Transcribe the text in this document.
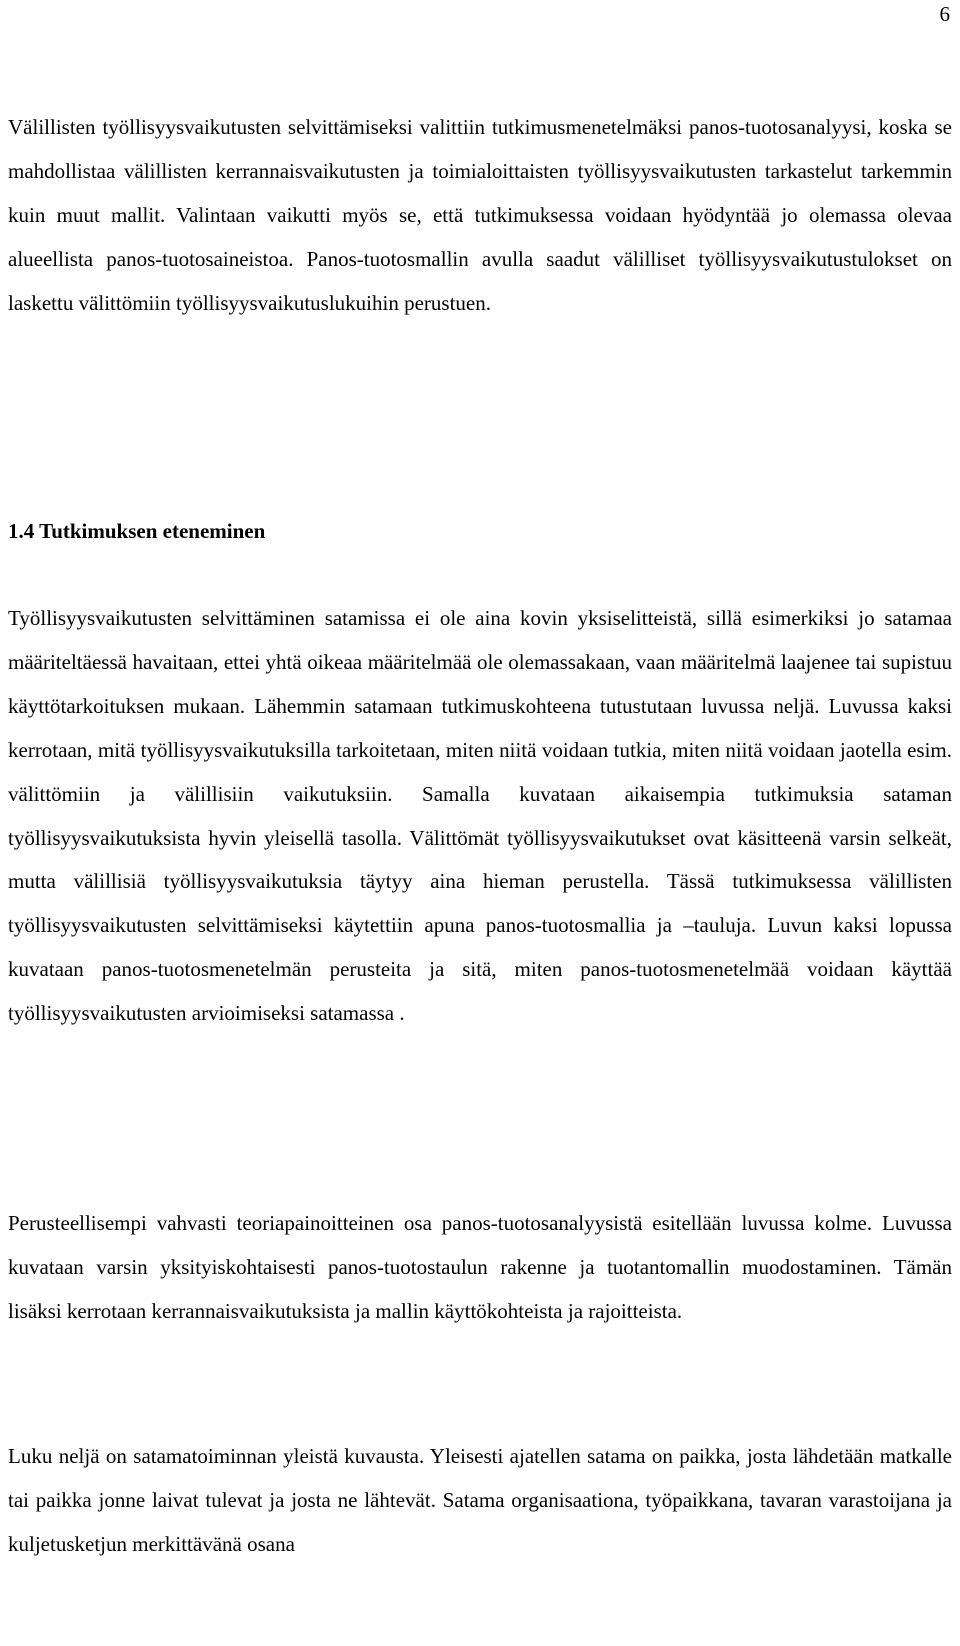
6

Välillisten työllisyysvaikutusten selvittämiseksi valittiin tutkimusmenetelmäksi panos-tuotosanalyysi, koska se mahdollistaa välillisten kerrannaisvaikutusten ja toimialoittaisten työllisyysvaikutusten tarkastelut tarkemmin kuin muut mallit. Valintaan vaikutti myös se, että tutkimuksessa voidaan hyödyntää jo olemassa olevaa alueellista panos-tuotosaineistoa. Panos-tuotosmallin avulla saadut välilliset työllisyysvaikutustulokset on laskettu välittömiin työllisyysvaikutuslukuihin perustuen.

1.4 Tutkimuksen eteneminen

Työllisyysvaikutusten selvittäminen satamissa ei ole aina kovin yksiselitteistä, sillä esimerkiksi jo satamaa määriteltäessä havaitaan, ettei yhtä oikeaa määritelmää ole olemassakaan, vaan määritelmä laajenee tai supistuu käyttötarkoituksen mukaan. Lähemmin satamaan tutkimuskohteena tutustutaan luvussa neljä. Luvussa kaksi kerrotaan, mitä työllisyysvaikutuksilla tarkoitetaan, miten niitä voidaan tutkia, miten niitä voidaan jaotella esim. välittömiin ja välillisiin vaikutuksiin. Samalla kuvataan aikaisempia tutkimuksia sataman työllisyysvaikutuksista hyvin yleisellä tasolla. Välittömät työllisyysvaikutukset ovat käsitteenä varsin selkeät, mutta välillisiä työllisyysvaikutuksia täytyy aina hieman perustella. Tässä tutkimuksessa välillisten työllisyysvaikutusten selvittämiseksi käytettiin apuna panos-tuotosmallia ja –tauluja. Luvun kaksi lopussa kuvataan panos-tuotosmenetelmän perusteita ja sitä, miten panos-tuotosmenetelmää voidaan käyttää työllisyysvaikutusten arvioimiseksi satamassa .

Perusteellisempi vahvasti teoriapainoitteinen osa panos-tuotosanalyysistä esitellään luvussa kolme. Luvussa kuvataan varsin yksityiskohtaisesti panos-tuotostaulun rakenne ja tuotantomallin muodostaminen. Tämän lisäksi kerrotaan kerrannaisvaikutuksista ja mallin käyttökohteista ja rajoitteista.

Luku neljä on satamatoiminnan yleistä kuvausta. Yleisesti ajatellen satama on paikka, josta lähdetään matkalle tai paikka jonne laivat tulevat ja josta ne lähtevät. Satama organisaationa, työpaikkana, tavaran varastoijana ja kuljetusketjun merkittävänä osana
